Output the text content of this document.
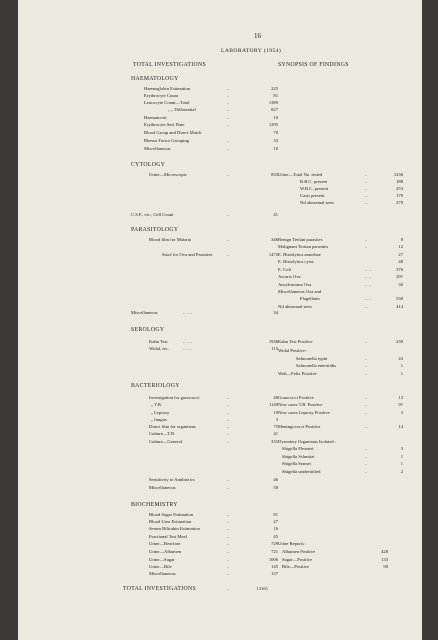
16
LABORATORY (1954)
TOTAL INVESTIGATIONS	SYNOPSIS OF FINDINGS
HAEMATOLOGY
Haemoglobin Estimation	..	225
Erythrocyte Count	..	81
Leucocyte Count—Total	..	1389
„ „ Differential	..	827
Haematocrit	..	10
Erythrocyte Sed. Rate	..	1295
Blood Group and Direct Match	70
Rhesus Factor Grouping	..	33
Miscellaneous	..	10
CYTOLOGY
Urine—Microscopic	..	833
C.S.F., etc., Cell Count	..	41
Urine—Total No. tested	..	1236
R.B.C. present	..	188
W.B.C. present	..	253
Casts present	..	179
Nil abnormal seen	..	279
PARASITOLOGY
Blood film for Malaria	..	346
Stool for Ova and Parasites	..	1475
Miscellaneous	.. .. ..	34
Benign Tertian parasites	..	8
Malignant Tertian parasites	..	12
E. Histolytica amoebae	27
E. Histolytica cysts	48
E. Coli	.. ..	376
Ascaris Ova	.. ..	291
Ancylostoma Ova	.. ..	30
Miscellaneous Ova and
Flagellates	.. ..	530
Nil abnormal seen	..	414
SEROLOGY
Kahn Test	.. .. ..	1936
Widal, etc.	.. .. ..	115
Kahn Test Positive	..	239
Widal Positive :
Salmonella typhi	..	43
Salmonella enteritidis	..	1
Weil—Felix Positive	..	1
BACTERIOLOGY
Investigation for gonococci	..	40
„ T.B.	..	1149
„ Leprosy	..	19
„ fungus	..	3
Direct film for organisms	..	75
Culture—T.B.	..	41
Culture—General	..	331
Sensitivity to Antibiotics	..	46
Miscellaneous	..	50
Gonococci Positive	..	13
New cases T.B. Positive	..	91
New cases Leprosy Positive	..	3
Meningococci Positive	..	14
Dysentery Organisms Isolated :
Shigella Flexneri	..	3
Shigella Schmitzi	..	1
Shigella Sonnei	..	1
Shigella unidentified	..	2
BIOCHEMISTRY
Blood Sugar Estimation	..	81
Blood Urea Estimation	..	27
Serum Bilirubin Estimation	..	16
Fractional Test Meal	..	45
Urine—Reaction	..	729
Urine—Albumen	..	721
Urine—Sugar	..	1006
Urine—Bile	..	145
Miscellaneous	..	137
Urine Reports :
Albumen Positive	428
Sugar—Positive	133
Bile—Positive	90
TOTAL INVESTIGATIONS	..	13161
